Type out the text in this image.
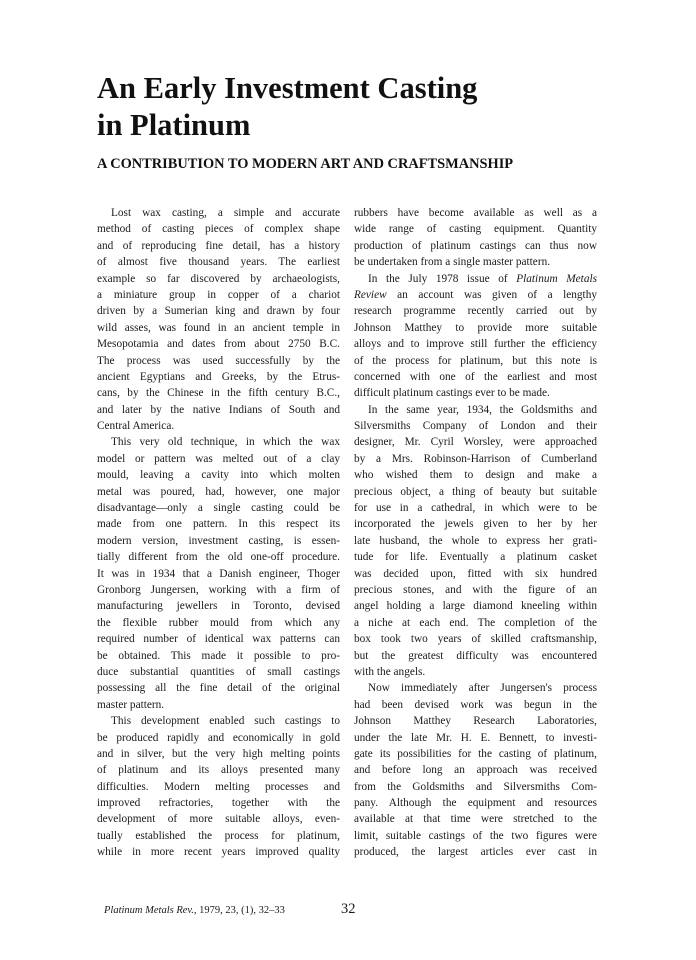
An Early Investment Casting
in Platinum
A CONTRIBUTION TO MODERN ART AND CRAFTSMANSHIP
Lost wax casting, a simple and accurate
method of casting pieces of complex shape
and of reproducing fine detail, has a history
of almost five thousand years. The earliest
example so far discovered by archaeologists,
a miniature group in copper of a chariot
driven by a Sumerian king and drawn by four
wild asses, was found in an ancient temple in
Mesopotamia and dates from about 2750 B.C.
The process was used successfully by the
ancient Egyptians and Greeks, by the Etrus-
cans, by the Chinese in the fifth century B.C.,
and later by the native Indians of South and
Central America.
This very old technique, in which the wax
model or pattern was melted out of a clay
mould, leaving a cavity into which molten
metal was poured, had, however, one major
disadvantage—only a single casting could be
made from one pattern. In this respect its
modern version, investment casting, is essen-
tially different from the old one-off procedure.
It was in 1934 that a Danish engineer, Thoger
Gronborg Jungersen, working with a firm of
manufacturing jewellers in Toronto, devised
the flexible rubber mould from which any
required number of identical wax patterns can
be obtained. This made it possible to pro-
duce substantial quantities of small castings
possessing all the fine detail of the original
master pattern.
This development enabled such castings to
be produced rapidly and economically in gold
and in silver, but the very high melting points
of platinum and its alloys presented many
difficulties. Modern melting processes and
improved refractories, together with the
development of more suitable alloys, even-
tually established the process for platinum,
while in more recent years improved quality
rubbers have become available as well as a
wide range of casting equipment. Quantity
production of platinum castings can thus now
be undertaken from a single master pattern.
In the July 1978 issue of Platinum Metals
Review an account was given of a lengthy
research programme recently carried out by
Johnson Matthey to provide more suitable
alloys and to improve still further the efficiency
of the process for platinum, but this note is
concerned with one of the earliest and most
difficult platinum castings ever to be made.
In the same year, 1934, the Goldsmiths and
Silversmiths Company of London and their
designer, Mr. Cyril Worsley, were approached
by a Mrs. Robinson-Harrison of Cumberland
who wished them to design and make a
precious object, a thing of beauty but suitable
for use in a cathedral, in which were to be
incorporated the jewels given to her by her
late husband, the whole to express her grati-
tude for life. Eventually a platinum casket
was decided upon, fitted with six hundred
precious stones, and with the figure of an
angel holding a large diamond kneeling within
a niche at each end. The completion of the
box took two years of skilled craftsmanship,
but the greatest difficulty was encountered
with the angels.
Now immediately after Jungersen's process
had been devised work was begun in the
Johnson Matthey Research Laboratories,
under the late Mr. H. E. Bennett, to investi-
gate its possibilities for the casting of platinum,
and before long an approach was received
from the Goldsmiths and Silversmiths Com-
pany. Although the equipment and resources
available at that time were stretched to the
limit, suitable castings of the two figures were
produced, the largest articles ever cast in
Platinum Metals Rev., 1979, 23, (1), 32–33	32
